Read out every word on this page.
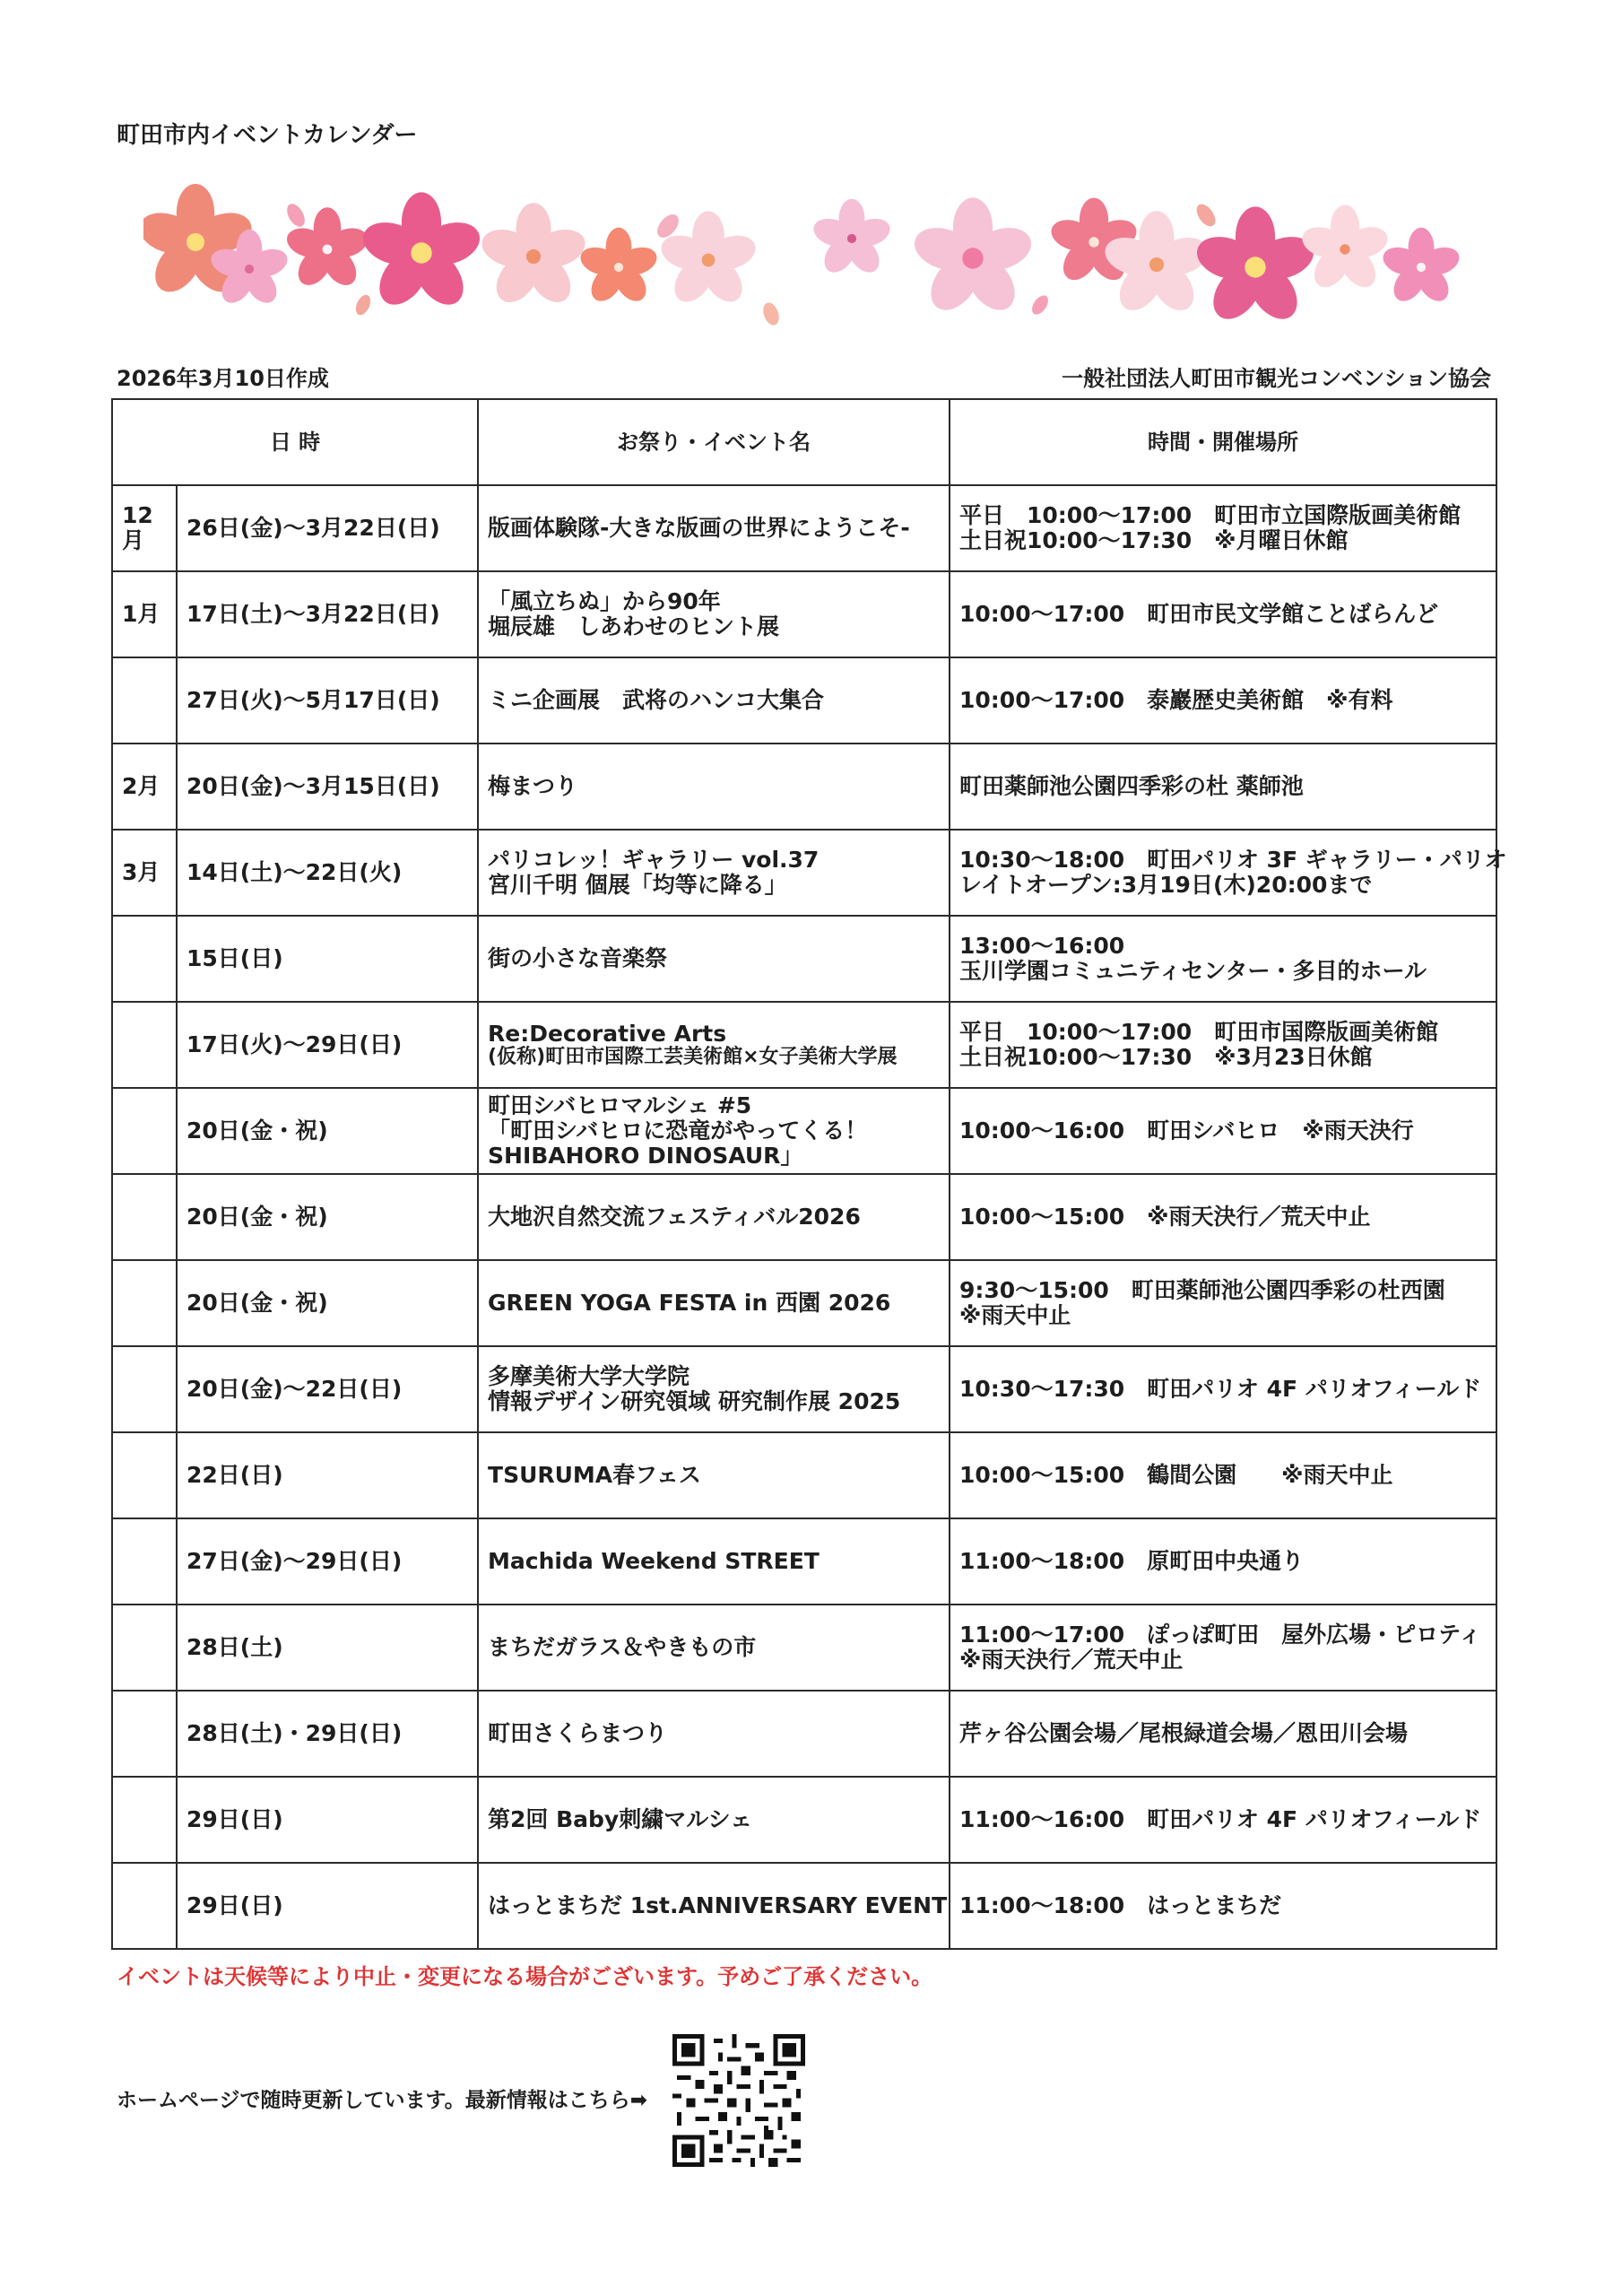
町田市内イベントカレンダー
2026年3月10日作成	一般社団法人町田市観光コンベンション協会
日 時		お祭り・イベント名	時間・開催場所
12月	26日(金)～3月22日(日)	版画体験隊-大きな版画の世界にようこそ-	平日　10:00～17:00　町田市立国際版画美術館
土日祝10:00～17:30　※月曜日休館

1月	17日(土)～3月22日(日)	「風立ちぬ」から90年
堀辰雄　しあわせのヒント展	10:00～17:00　町田市民文学館ことばらんど

	27日(火)～5月17日(日)	ミニ企画展　武将のハンコ大集合	10:00～17:00　泰巖歴史美術館　※有料

2月	20日(金)～3月15日(日)	梅まつり	町田薬師池公園四季彩の杜 薬師池

3月	14日(土)～22日(火)	パリコレッ！ギャラリー vol.37
宮川千明 個展「均等に降る」	10:30～18:00　町田パリオ 3F ギャラリー・パリオ
レイトオープン:3月19日(木)20:00まで

	15日(日)	街の小さな音楽祭	13:00～16:00
玉川学園コミュニティセンター・多目的ホール

	17日(火)～29日(日)	Re:Decorative Arts
(仮称)町田市国際工芸美術館×女子美術大学展	平日　10:00～17:00　町田市国際版画美術館
土日祝10:00～17:30　※3月23日休館

	20日(金・祝)	町田シバヒロマルシェ #5
「町田シバヒロに恐竜がやってくる！
SHIBAHORO DINOSAUR」	10:00～16:00　町田シバヒロ　※雨天決行

	20日(金・祝)	大地沢自然交流フェスティバル2026	10:00～15:00　※雨天決行／荒天中止

	20日(金・祝)	GREEN YOGA FESTA in 西園 2026	9:30～15:00　町田薬師池公園四季彩の杜西園
※雨天中止

	20日(金)～22日(日)	多摩美術大学大学院
情報デザイン研究領域 研究制作展 2025	10:30～17:30　町田パリオ 4F パリオフィールド

	22日(日)	TSURUMA春フェス	10:00～15:00　鶴間公園　　※雨天中止

	27日(金)～29日(日)	Machida Weekend STREET	11:00～18:00　原町田中央通り

	28日(土)	まちだガラス＆やきもの市	11:00～17:00　ぽっぽ町田　屋外広場・ピロティ
※雨天決行／荒天中止

	28日(土)・29日(日)	町田さくらまつり	芹ヶ谷公園会場／尾根緑道会場／恩田川会場

	29日(日)	第2回 Baby刺繍マルシェ	11:00～16:00　町田パリオ 4F パリオフィールド

	29日(日)	はっとまちだ 1st.ANNIVERSARY EVENT	11:00～18:00　はっとまちだ
イベントは天候等により中止・変更になる場合がございます。予めご了承ください。
ホームページで随時更新しています。最新情報はこちら➡
